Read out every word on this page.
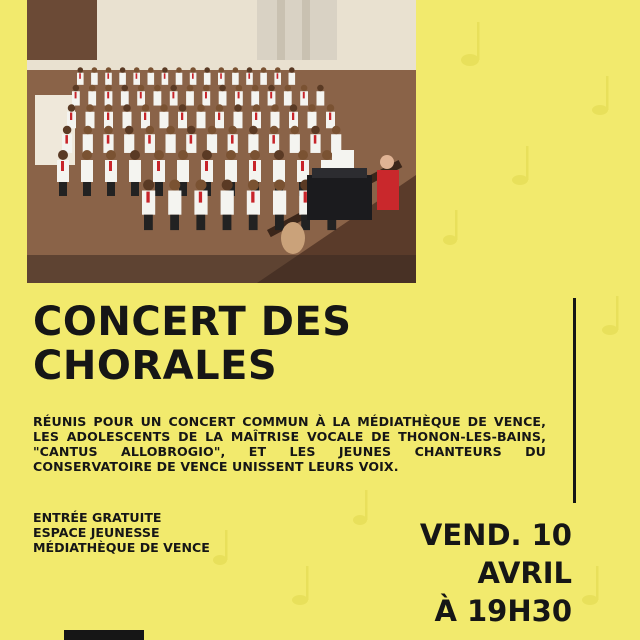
CONCERT DES
CHORALES

RÉUNIS POUR UN CONCERT COMMUN À LA MÉDIATHÈQUE DE VENCE, LES ADOLESCENTS DE LA MAÎTRISE VOCALE DE THONON-LES-BAINS, "CANTUS ALLOBROGIO", ET LES JEUNES CHANTEURS DU CONSERVATOIRE DE VENCE UNISSENT LEURS VOIX.

ENTRÉE GRATUITE
ESPACE JEUNESSE
MÉDIATHÈQUE DE VENCE	VEND. 10
AVRIL
À 19H30
